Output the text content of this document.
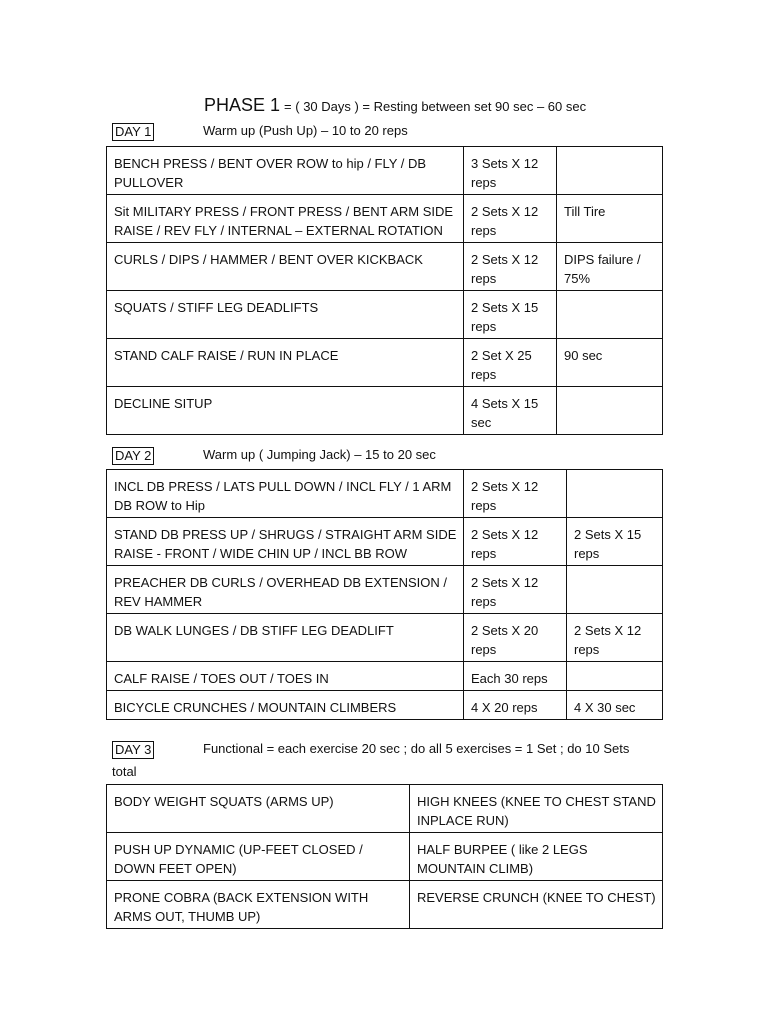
PHASE 1 = ( 30 Days ) = Resting between set 90 sec – 60 sec
DAY 1	Warm up (Push Up) – 10 to 20 reps
BENCH PRESS / BENT OVER ROW to hip / FLY / DB PULLOVER	3 Sets X 12 reps	
Sit MILITARY PRESS / FRONT PRESS / BENT ARM SIDE RAISE / REV FLY / INTERNAL – EXTERNAL ROTATION	2 Sets X 12 reps	Till Tire
CURLS / DIPS / HAMMER / BENT OVER KICKBACK	2 Sets X 12 reps	DIPS failure / 75%
SQUATS / STIFF LEG DEADLIFTS	2 Sets X 15 reps	
STAND CALF RAISE / RUN IN PLACE	2 Set X 25 reps	90 sec
DECLINE SITUP	4 Sets X 15 sec	
DAY 2	Warm up ( Jumping Jack) – 15 to 20 sec
INCL DB PRESS / LATS PULL DOWN / INCL FLY / 1 ARM DB ROW to Hip	2 Sets X 12 reps	
STAND DB PRESS UP / SHRUGS / STRAIGHT ARM SIDE RAISE - FRONT / WIDE CHIN UP / INCL BB ROW	2 Sets X 12 reps	2 Sets X 15 reps
PREACHER DB CURLS / OVERHEAD DB EXTENSION / REV HAMMER	2 Sets X 12 reps	
DB WALK LUNGES / DB STIFF LEG DEADLIFT	2 Sets X 20 reps	2 Sets X 12 reps
CALF RAISE / TOES OUT / TOES IN	Each 30 reps	
BICYCLE CRUNCHES / MOUNTAIN CLIMBERS	4 X 20 reps	4 X 30 sec
DAY 3	Functional = each exercise 20 sec ; do all 5 exercises = 1 Set ; do 10 Sets
total
BODY WEIGHT SQUATS (ARMS UP)	HIGH KNEES (KNEE TO CHEST STAND INPLACE RUN)
PUSH UP DYNAMIC (UP-FEET CLOSED / DOWN FEET OPEN)	HALF BURPEE ( like 2 LEGS MOUNTAIN CLIMB)
PRONE COBRA (BACK EXTENSION WITH ARMS OUT, THUMB UP)	REVERSE CRUNCH (KNEE TO CHEST)
